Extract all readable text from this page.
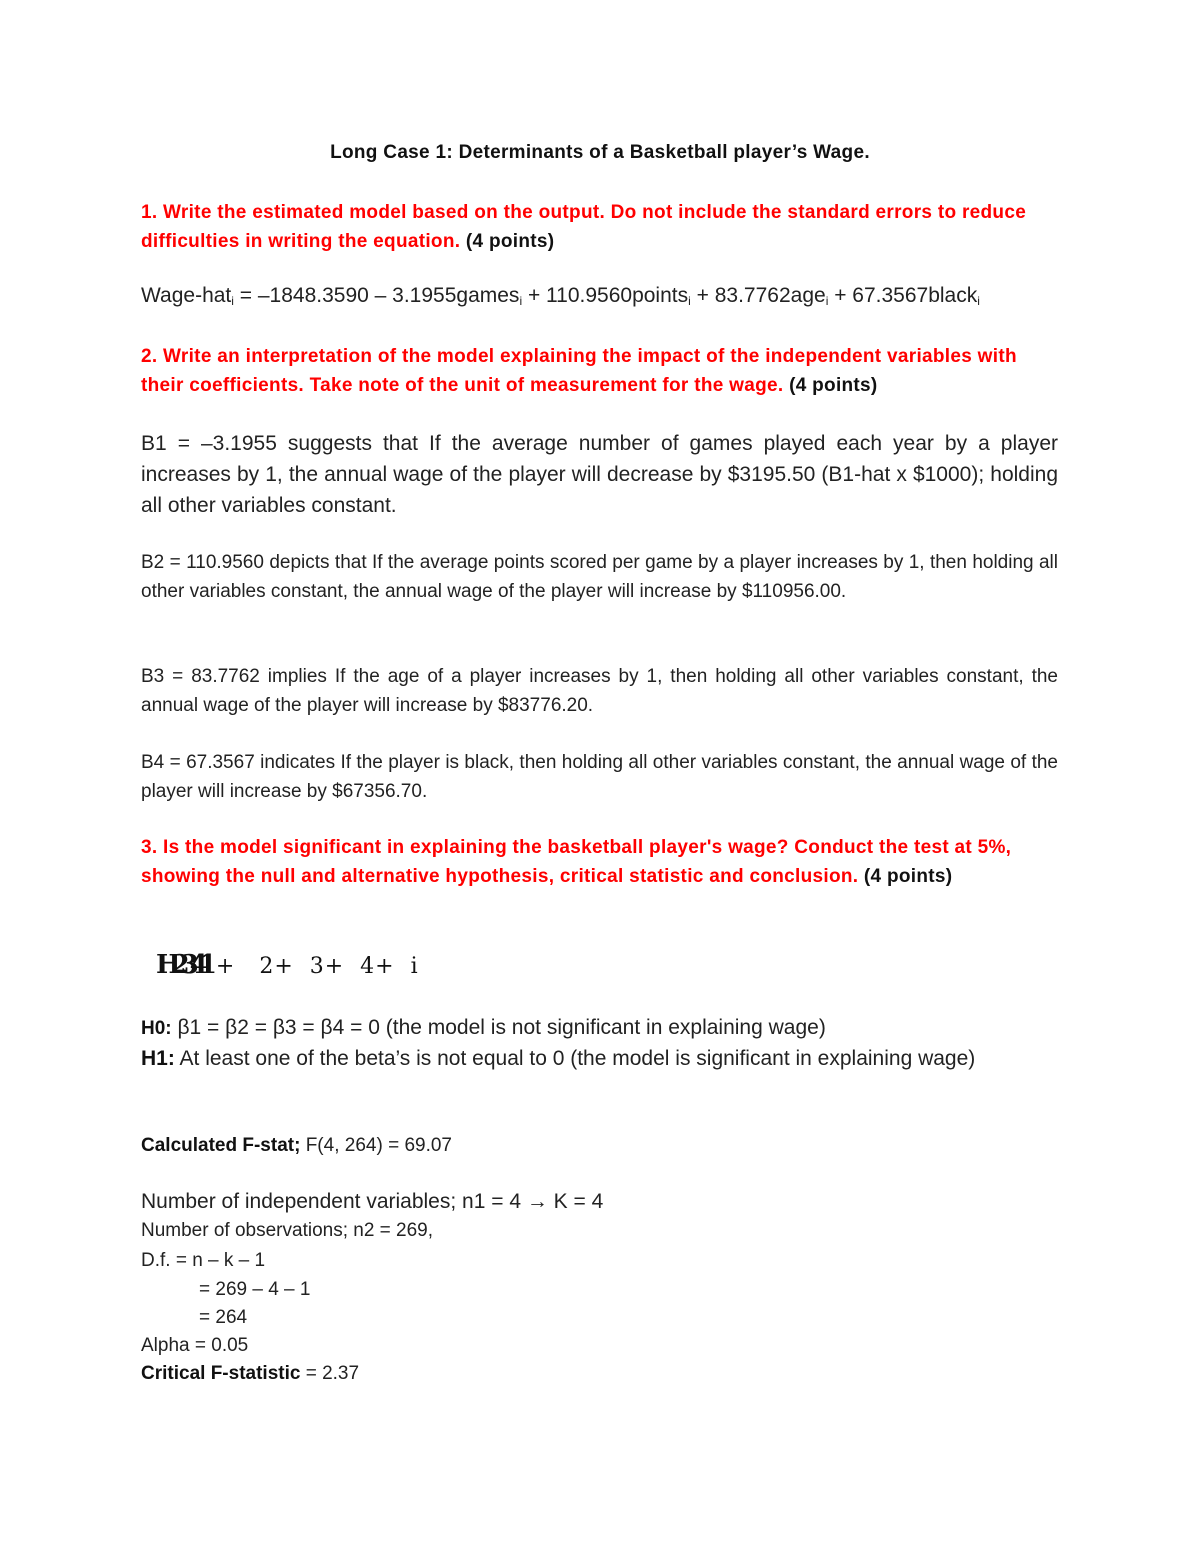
Long Case 1: Determinants of a Basketball player’s Wage.
1. Write the estimated model based on the output. Do not include the standard errors to reduce difficulties in writing the equation. (4 points)
Wage-hat$_i$ = –1848.3590 – 3.1955games$_i$ + 110.9560points$_i$ + 83.7762age$_i$ + 67.3567black$_i$
2. Write an interpretation of the model explaining the impact of the independent variables with their coefficients. Take note of the unit of measurement for the wage. (4 points)
B1 = –3.1955 suggests that If the average number of games played each year by a player increases by 1, the annual wage of the player will decrease by $3195.50 (B1-hat x $1000); holding all other variables constant.
B2 = 110.9560 depicts that If the average points scored per game by a player increases by 1, then holding all other variables constant, the annual wage of the player will increase by $110956.00.
B3 = 83.7762 implies If the age of a player increases by 1, then holding all other variables constant, the annual wage of the player will increase by $83776.20.
B4 = 67.3567 indicates If the player is black, then holding all other variables constant, the annual wage of the player will increase by $67356.70.
3. Is the model significant in explaining the basketball player's wage? Conduct the test at 5%, showing the null and alternative hypothesis, critical statistic and conclusion. (4 points)
H2341 +   2+  3+  4+  i
H0: β1 = β2 = β3 = β4 = 0 (the model is not significant in explaining wage)
H1: At least one of the beta’s is not equal to 0 (the model is significant in explaining wage)
Calculated F-stat; F(4, 264) = 69.07
Number of independent variables; n1 = 4 → K = 4
Number of observations; n2 = 269,
D.f. = n – k – 1
= 269 – 4 – 1
= 264
Alpha = 0.05
Critical F-statistic = 2.37
